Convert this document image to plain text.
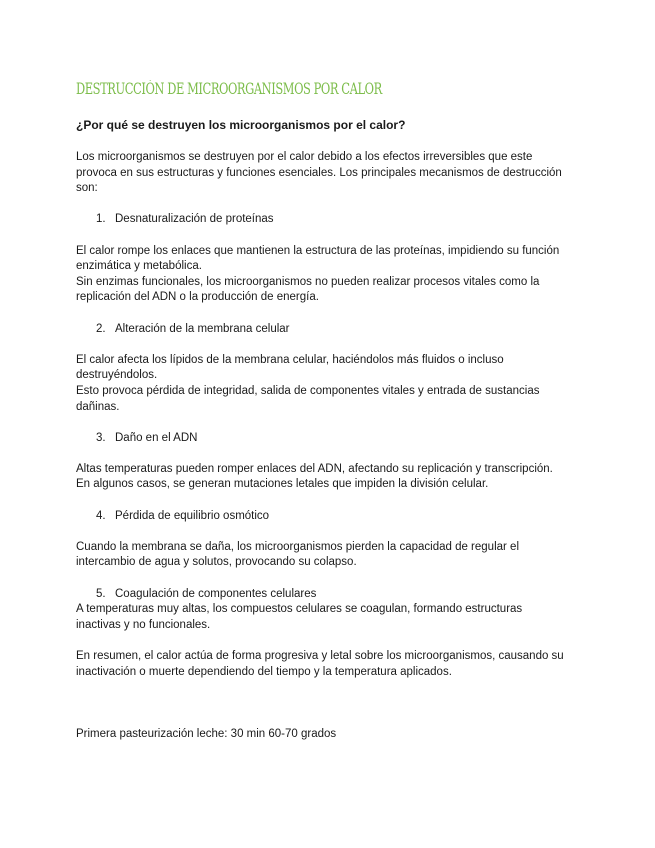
DESTRUCCIÓN DE MICROORGANISMOS POR CALOR

¿Por qué se destruyen los microorganismos por el calor?

Los microorganismos se destruyen por el calor debido a los efectos irreversibles que este

provoca en sus estructuras y funciones esenciales. Los principales mecanismos de destrucción

son:

1. Desnaturalización de proteínas

El calor rompe los enlaces que mantienen la estructura de las proteínas, impidiendo su función

enzimática y metabólica.

Sin enzimas funcionales, los microorganismos no pueden realizar procesos vitales como la

replicación del ADN o la producción de energía.

2. Alteración de la membrana celular

El calor afecta los lípidos de la membrana celular, haciéndolos más fluidos o incluso

destruyéndolos.

Esto provoca pérdida de integridad, salida de componentes vitales y entrada de sustancias

dañinas.

3. Daño en el ADN

Altas temperaturas pueden romper enlaces del ADN, afectando su replicación y transcripción.

En algunos casos, se generan mutaciones letales que impiden la división celular.

4. Pérdida de equilibrio osmótico

Cuando la membrana se daña, los microorganismos pierden la capacidad de regular el

intercambio de agua y solutos, provocando su colapso.

5. Coagulación de componentes celulares

A temperaturas muy altas, los compuestos celulares se coagulan, formando estructuras

inactivas y no funcionales.

En resumen, el calor actúa de forma progresiva y letal sobre los microorganismos, causando su

inactivación o muerte dependiendo del tiempo y la temperatura aplicados.

Primera pasteurización leche: 30 min 60-70 grados
